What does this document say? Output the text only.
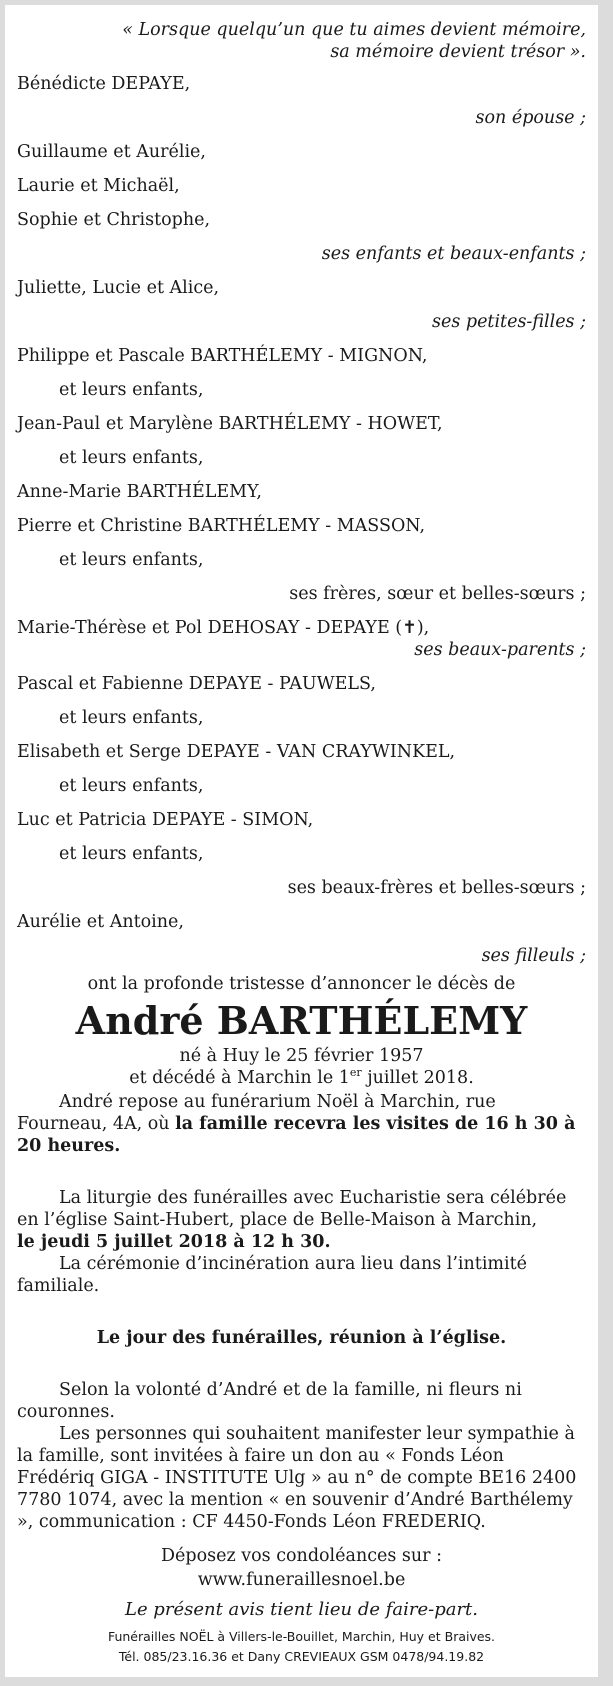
« Lorsque quelqu’un que tu aimes devient mémoire,
sa mémoire devient trésor ».
Bénédicte DEPAYE,
son épouse ;
Guillaume et Aurélie,
Laurie et Michaël,
Sophie et Christophe,
ses enfants et beaux-enfants ;
Juliette, Lucie et Alice,
ses petites-filles ;
Philippe et Pascale BARTHÉLEMY - MIGNON,
et leurs enfants,
Jean-Paul et Marylène BARTHÉLEMY - HOWET,
et leurs enfants,
Anne-Marie BARTHÉLEMY,
Pierre et Christine BARTHÉLEMY - MASSON,
et leurs enfants,
ses frères, sœur et belles-sœurs ;
Marie-Thérèse et Pol DEHOSAY - DEPAYE (✝),
ses beaux-parents ;
Pascal et Fabienne DEPAYE - PAUWELS,
et leurs enfants,
Elisabeth et Serge DEPAYE - VAN CRAYWINKEL,
et leurs enfants,
Luc et Patricia DEPAYE - SIMON,
et leurs enfants,
ses beaux-frères et belles-sœurs ;
Aurélie et Antoine,
ses filleuls ;
ont la profonde tristesse d’annoncer le décès de
André BARTHÉLEMY
né à Huy le 25 février 1957
et décédé à Marchin le 1er juillet 2018.

André repose au funérarium Noël à Marchin, rue Fourneau, 4A, où la famille recevra les visites de 16 h 30 à 20 heures.

La liturgie des funérailles avec Eucharistie sera célébrée en l’église Saint-Hubert, place de Belle-Maison à Marchin,

le jeudi 5 juillet 2018 à 12 h 30.

La cérémonie d’incinération aura lieu dans l’intimité familiale.

Le jour des funérailles, réunion à l’église.

Selon la volonté d’André et de la famille, ni fleurs ni couronnes.

Les personnes qui souhaitent manifester leur sympathie à la famille, sont invitées à faire un don au « Fonds Léon Frédériq GIGA - INSTITUTE Ulg » au n° de compte BE16 2400 7780 1074, avec la mention « en souvenir d’André Barthélemy », communication : CF 4450-Fonds Léon FREDERIQ.

Déposez vos condoléances sur :
www.funeraillesnoel.be
Le présent avis tient lieu de faire-part.
Funérailles NOËL à Villers-le-Bouillet, Marchin, Huy et Braives.
Tél. 085/23.16.36 et Dany CREVIEAUX GSM 0478/94.19.82
